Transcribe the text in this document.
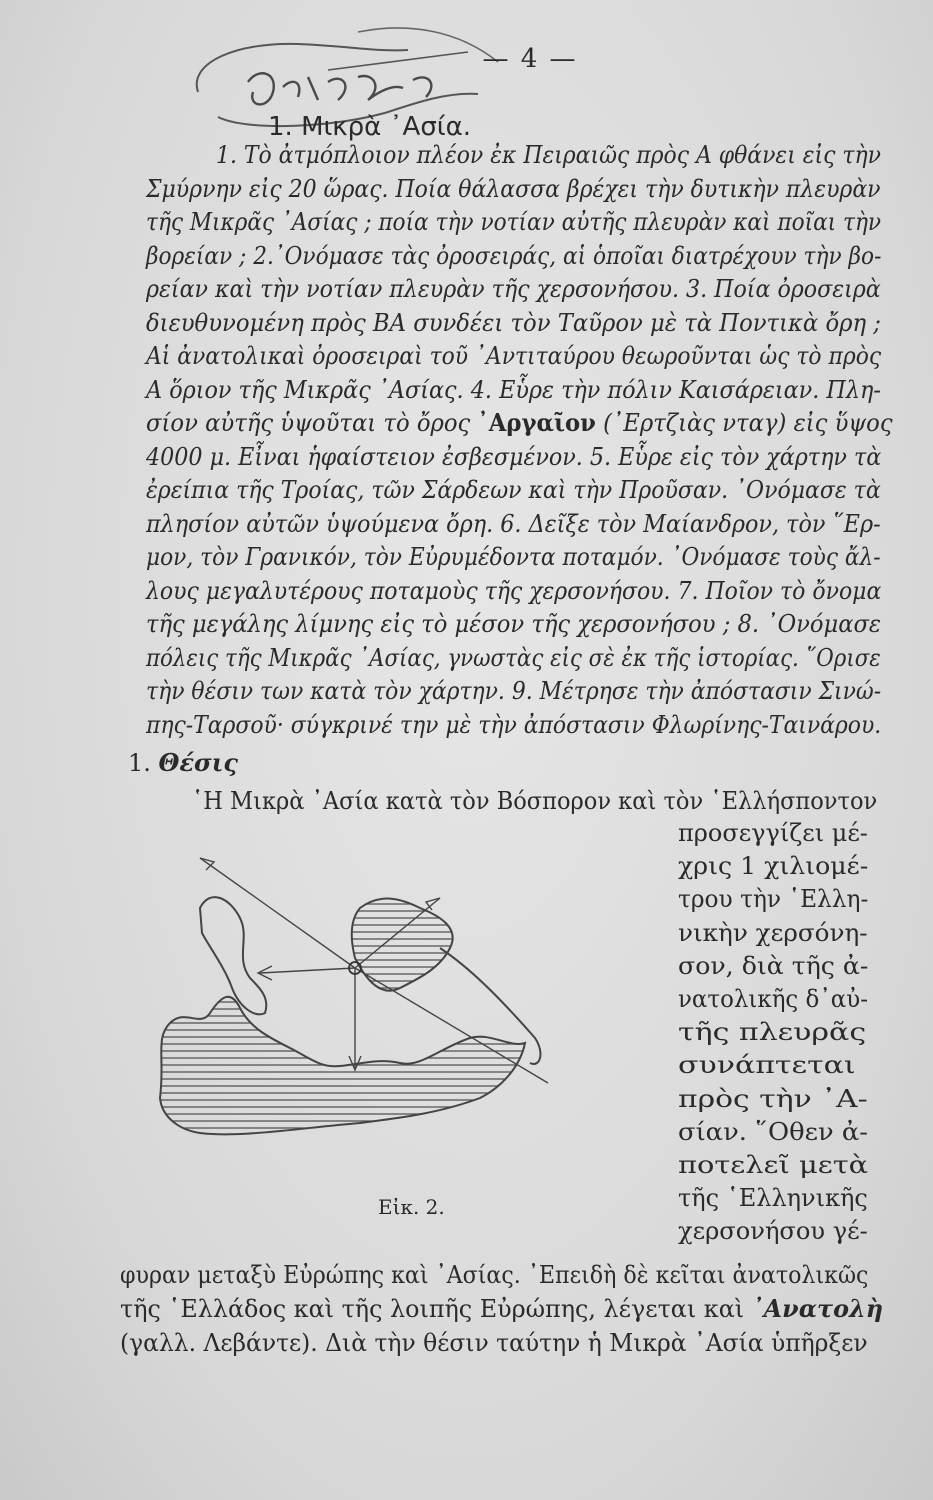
— 4 —
1. Μικρὰ ᾿Ασία.
1. Τὸ ἀτμόπλοιον πλέον ἐκ Πειραιῶς πρὸς Α φθάνει εἰς τὴν
Σμύρνην εἰς 20 ὥρας. Ποία θάλασσα βρέχει τὴν δυτικὴν πλευρὰν
τῆς Μικρᾶς ᾿Ασίας ; ποία τὴν νοτίαν αὐτῆς πλευρὰν καὶ ποῖαι τὴν
βορείαν ; 2.᾿Ονόμασε τὰς ὀροσειράς, αἱ ὁποῖαι διατρέχουν τὴν βο-
ρείαν καὶ τὴν νοτίαν πλευρὰν τῆς χερσονήσου. 3. Ποία ὀροσειρὰ
διευθυνομένη πρὸς ΒΑ συνδέει τὸν Ταῦρον μὲ τὰ Ποντικὰ ὄρη ;
Αἱ ἀνατολικαὶ ὀροσειραὶ τοῦ ᾿Αντιταύρου θεωροῦνται ὡς τὸ πρὸς
Α ὅριον τῆς Μικρᾶς ᾿Ασίας. 4. Εὗρε τὴν πόλιν Καισάρειαν. Πλη-
σίον αὐτῆς ὑψοῦται τὸ ὄρος ᾿Αργαῖον (᾿Ερτζιὰς νταγ) εἰς ὕψος
4000 μ. Εἶναι ἡφαίστειον ἐσβεσμένον. 5. Εὗρε εἰς τὸν χάρτην τὰ
ἐρείπια τῆς Τροίας, τῶν Σάρδεων καὶ τὴν Προῦσαν. ᾿Ονόμασε τὰ
πλησίον αὐτῶν ὑψούμενα ὄρη. 6. Δεῖξε τὸν Μαίανδρον, τὸν ῞Ερ-
μον, τὸν Γρανικόν, τὸν Εὐρυμέδοντα ποταμόν. ᾿Ονόμασε τοὺς ἄλ-
λους μεγαλυτέρους ποταμοὺς τῆς χερσονήσου. 7. Ποῖον τὸ ὄνομα
τῆς μεγάλης λίμνης εἰς τὸ μέσον τῆς χερσονήσου ; 8. ᾿Ονόμασε
πόλεις τῆς Μικρᾶς ᾿Ασίας, γνωστὰς εἰς σὲ ἐκ τῆς ἱστορίας. ῞Ορισε
τὴν θέσιν των κατὰ τὸν χάρτην. 9. Μέτρησε τὴν ἀπόστασιν Σινώ-
πης-Ταρσοῦ· σύγκρινέ την μὲ τὴν ἀπόστασιν Φλωρίνης-Ταινάρου.
1. Θέσις
῾Η Μικρὰ ᾿Ασία κατὰ τὸν Βόσπορον καὶ τὸν ῾Ελλήσποντον
προσεγγίζει μέ-
χρις 1 χιλιομέ-
τρου τὴν ῾Ελλη-
νικὴν χερσόνη-
σον, διὰ τῆς ἀ-
νατολικῆς δ᾿αὐ-
τῆς πλευρᾶς
συνάπτεται
πρὸς τὴν ᾿Α-
σίαν. ῞Οθεν ἀ-
ποτελεῖ μετὰ
τῆς ῾Ελληνικῆς
χερσονήσου γέ-
Εἰκ. 2.
φυραν μεταξὺ Εὐρώπης καὶ ᾿Ασίας. ᾿Επειδὴ δὲ κεῖται ἀνατολικῶς
τῆς ῾Ελλάδος καὶ τῆς λοιπῆς Εὐρώπης, λέγεται καὶ ᾿Ανατολὴ
(γαλλ. Λεβάντε). Διὰ τὴν θέσιν ταύτην ἡ Μικρὰ ᾿Ασία ὑπῆρξεν
